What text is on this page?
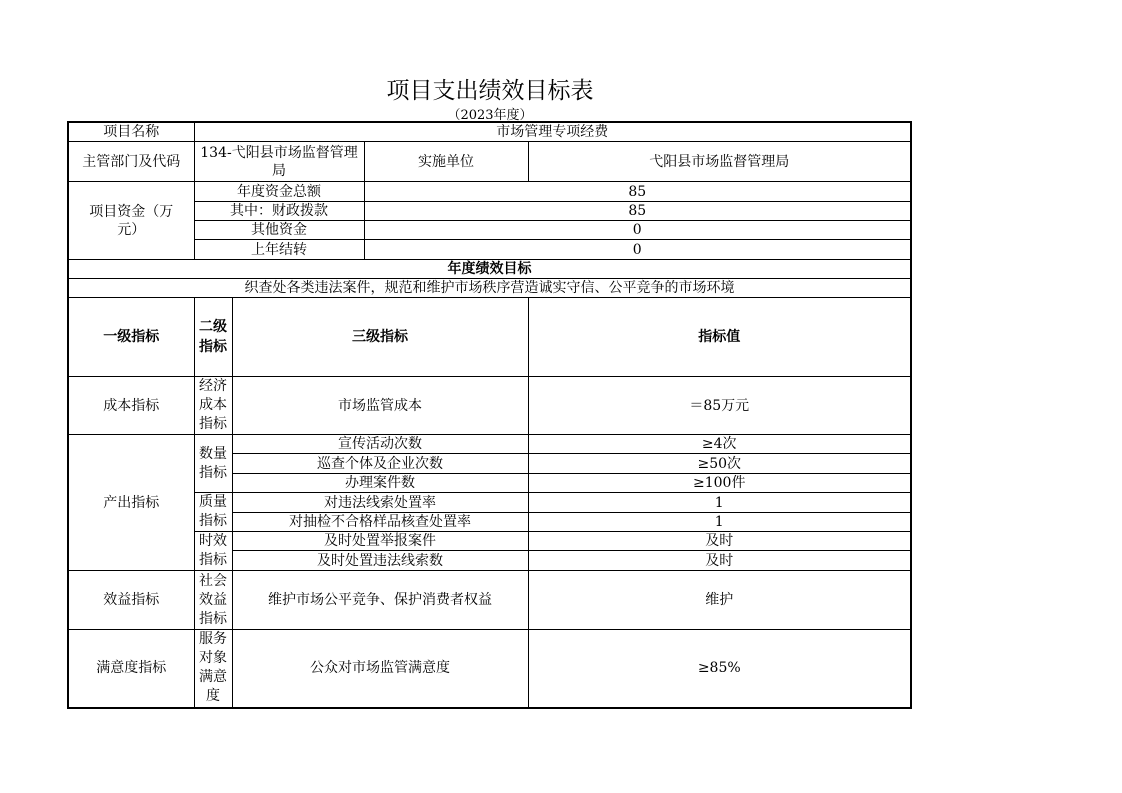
项目支出绩效目标表
（2023年度）
项目名称	市场管理专项经费			
主管部门及代码	134-弋阳县市场监督管理局		实施单位	弋阳县市场监督管理局
项目资金（万元）	年度资金总额		85	
	其中：财政拨款		85	
	其他资金		0	
	上年结转		0	
年度绩效目标				
织查处各类违法案件，规范和维护市场秩序营造诚实守信、公平竞争的市场环境				
一级指标	二级指标	三级指标		指标值
成本指标	经济成本指标	市场监管成本		＝85万元
产出指标	数量指标	宣传活动次数		≥4次
		巡查个体及企业次数		≥50次
		办理案件数		≥100件
	质量指标	对违法线索处置率		1
		对抽检不合格样品核查处置率		1
	时效指标	及时处置举报案件		及时
		及时处置违法线索数		及时
效益指标	社会效益指标	维护市场公平竞争、保护消费者权益		维护
满意度指标	服务对象满意度	公众对市场监管满意度		≥85%
